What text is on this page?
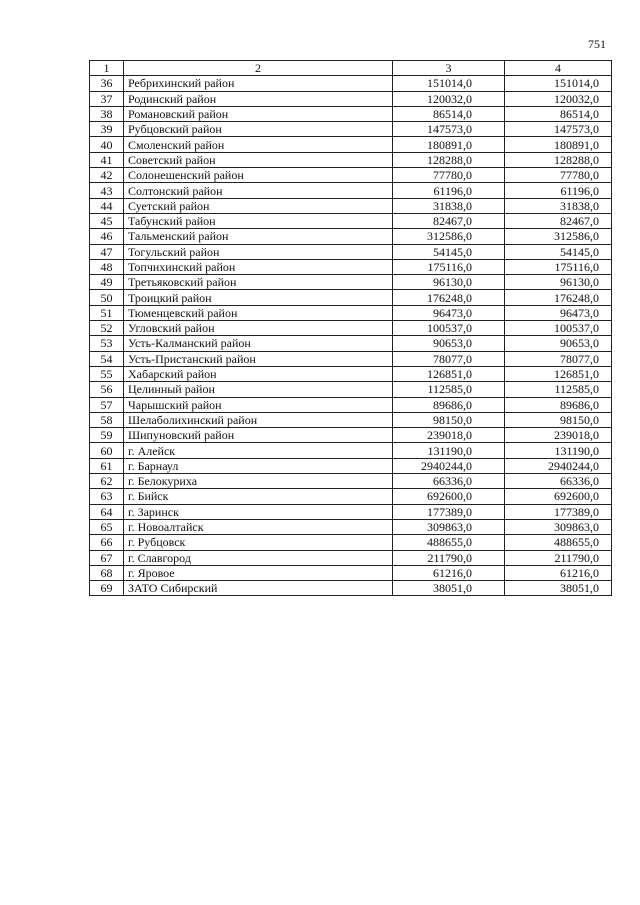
751
1	2	3	4
36	Ребрихинский район	151014,0	151014,0
37	Родинский район	120032,0	120032,0
38	Романовский район	86514,0	86514,0
39	Рубцовский район	147573,0	147573,0
40	Смоленский район	180891,0	180891,0
41	Советский район	128288,0	128288,0
42	Солонешенский район	77780,0	77780,0
43	Солтонский район	61196,0	61196,0
44	Суетский район	31838,0	31838,0
45	Табунский район	82467,0	82467,0
46	Тальменский район	312586,0	312586,0
47	Тогульский район	54145,0	54145,0
48	Топчихинский район	175116,0	175116,0
49	Третьяковский район	96130,0	96130,0
50	Троицкий район	176248,0	176248,0
51	Тюменцевский район	96473,0	96473,0
52	Угловский район	100537,0	100537,0
53	Усть-Калманский район	90653,0	90653,0
54	Усть-Пристанский район	78077,0	78077,0
55	Хабарский район	126851,0	126851,0
56	Целинный район	112585,0	112585,0
57	Чарышский район	89686,0	89686,0
58	Шелаболихинский район	98150,0	98150,0
59	Шипуновский район	239018,0	239018,0
60	г. Алейск	131190,0	131190,0
61	г. Барнаул	2940244,0	2940244,0
62	г. Белокуриха	66336,0	66336,0
63	г. Бийск	692600,0	692600,0
64	г. Заринск	177389,0	177389,0
65	г. Новоалтайск	309863,0	309863,0
66	г. Рубцовск	488655,0	488655,0
67	г. Славгород	211790,0	211790,0
68	г. Яровое	61216,0	61216,0
69	ЗАТО Сибирский	38051,0	38051,0
